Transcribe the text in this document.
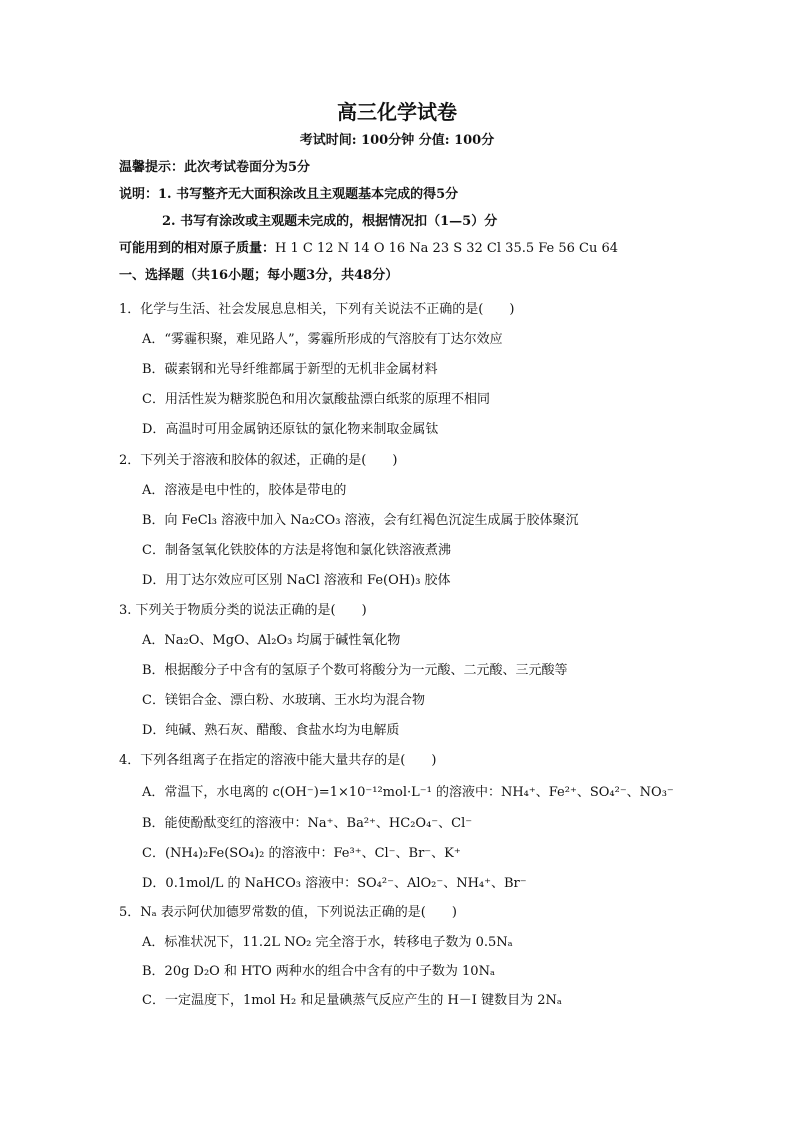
高三化学试卷
考试时间: 100分钟 分值: 100分
温馨提示：此次考试卷面分为5分
说明：1. 书写整齐无大面积涂改且主观题基本完成的得5分
2. 书写有涂改或主观题未完成的，根据情况扣（1—5）分
可能用到的相对原子质量：H 1 C 12 N 14 O 16 Na 23 S 32 Cl 35.5 Fe 56 Cu 64
一、选择题（共16小题；每小题3分，共48分）
1．化学与生活、社会发展息息相关，下列有关说法不正确的是(　　)
A．“雾霾积聚，难见路人”，雾霾所形成的气溶胶有丁达尔效应
B．碳素钢和光导纤维都属于新型的无机非金属材料
C．用活性炭为糖浆脱色和用次氯酸盐漂白纸浆的原理不相同
D．高温时可用金属钠还原钛的氯化物来制取金属钛
2．下列关于溶液和胶体的叙述，正确的是(　　)
A．溶液是电中性的，胶体是带电的
B．向 FeCl₃ 溶液中加入 Na₂CO₃ 溶液，会有红褐色沉淀生成属于胶体聚沉
C．制备氢氧化铁胶体的方法是将饱和氯化铁溶液煮沸
D．用丁达尔效应可区别 NaCl 溶液和 Fe(OH)₃ 胶体
3. 下列关于物质分类的说法正确的是(　　)
A．Na₂O、MgO、Al₂O₃ 均属于碱性氧化物
B．根据酸分子中含有的氢原子个数可将酸分为一元酸、二元酸、三元酸等
C．镁铝合金、漂白粉、水玻璃、王水均为混合物
D．纯碱、熟石灰、醋酸、食盐水均为电解质
4．下列各组离子在指定的溶液中能大量共存的是(　　)
A．常温下，水电离的 c(OH⁻)=1×10⁻¹²mol·L⁻¹ 的溶液中：NH₄⁺、Fe²⁺、SO₄²⁻、NO₃⁻
B．能使酚酞变红的溶液中：Na⁺、Ba²⁺、HC₂O₄⁻、Cl⁻
C．(NH₄)₂Fe(SO₄)₂ 的溶液中：Fe³⁺、Cl⁻、Br⁻、K⁺
D．0.1mol/L 的 NaHCO₃ 溶液中：SO₄²⁻、AlO₂⁻、NH₄⁺、Br⁻
5．Nₐ 表示阿伏加德罗常数的值，下列说法正确的是(　　)
A．标准状况下，11.2L NO₂ 完全溶于水，转移电子数为 0.5Nₐ
B．20g D₂O 和 HTO 两种水的组合中含有的中子数为 10Nₐ
C．一定温度下，1mol H₂ 和足量碘蒸气反应产生的 H－I 键数目为 2Nₐ
